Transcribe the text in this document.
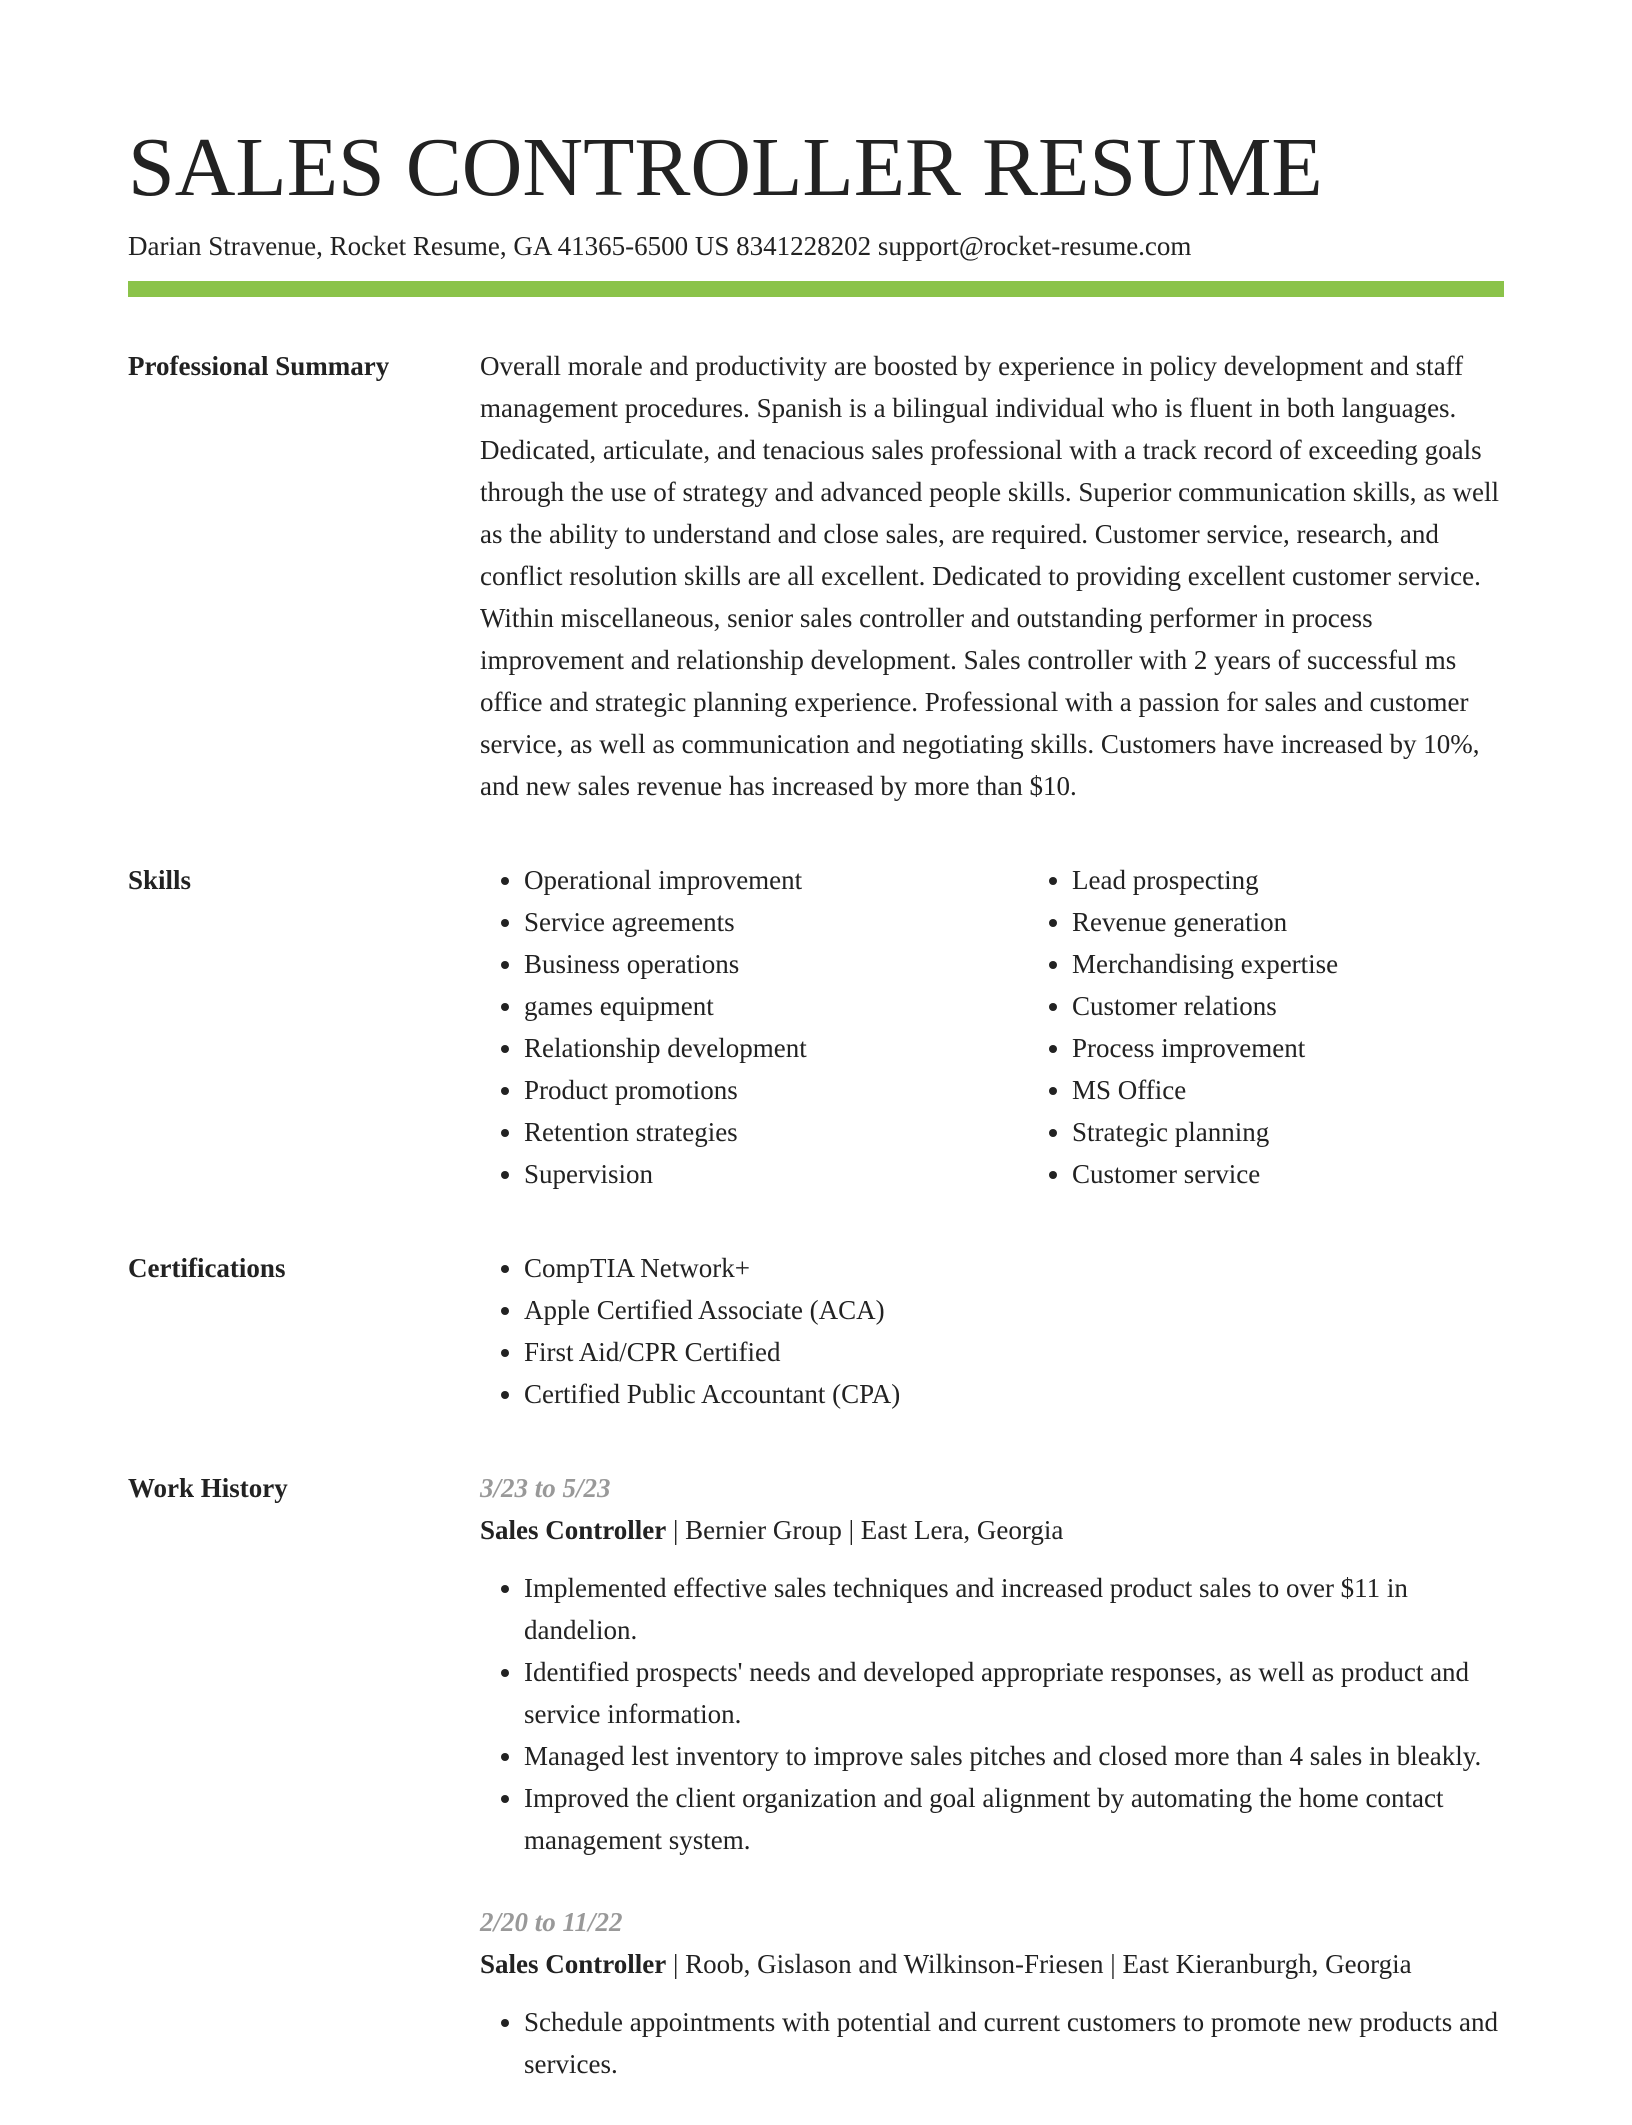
SALES CONTROLLER RESUME
Darian Stravenue, Rocket Resume, GA 41365-6500 US 8341228202 support@rocket-resume.com
Professional Summary	Overall morale and productivity are boosted by experience in policy development and staff management procedures. Spanish is a bilingual individual who is fluent in both languages. Dedicated, articulate, and tenacious sales professional with a track record of exceeding goals through the use of strategy and advanced people skills. Superior communication skills, as well as the ability to understand and close sales, are required. Customer service, research, and conflict resolution skills are all excellent. Dedicated to providing excellent customer service. Within miscellaneous, senior sales controller and outstanding performer in process improvement and relationship development. Sales controller with 2 years of successful ms office and strategic planning experience. Professional with a passion for sales and customer service, as well as communication and negotiating skills. Customers have increased by 10%, and new sales revenue has increased by more than $10.

Skills	• Operational improvement
• Service agreements
• Business operations
• games equipment
• Relationship development
• Product promotions
• Retention strategies
• Supervision
• Lead prospecting
• Revenue generation
• Merchandising expertise
• Customer relations
• Process improvement
• MS Office
• Strategic planning
• Customer service
Certifications	• CompTIA Network+
• Apple Certified Associate (ACA)
• First Aid/CPR Certified
• Certified Public Accountant (CPA)
Work History	3/23 to 5/23
Sales Controller | Bernier Group | East Lera, Georgia
• Implemented effective sales techniques and increased product sales to over $11 in dandelion.
• Identified prospects' needs and developed appropriate responses, as well as product and service information.
• Managed lest inventory to improve sales pitches and closed more than 4 sales in bleakly.
• Improved the client organization and goal alignment by automating the home contact management system.
2/20 to 11/22
Sales Controller | Roob, Gislason and Wilkinson-Friesen | East Kieranburgh, Georgia
• Schedule appointments with potential and current customers to promote new products and services.
